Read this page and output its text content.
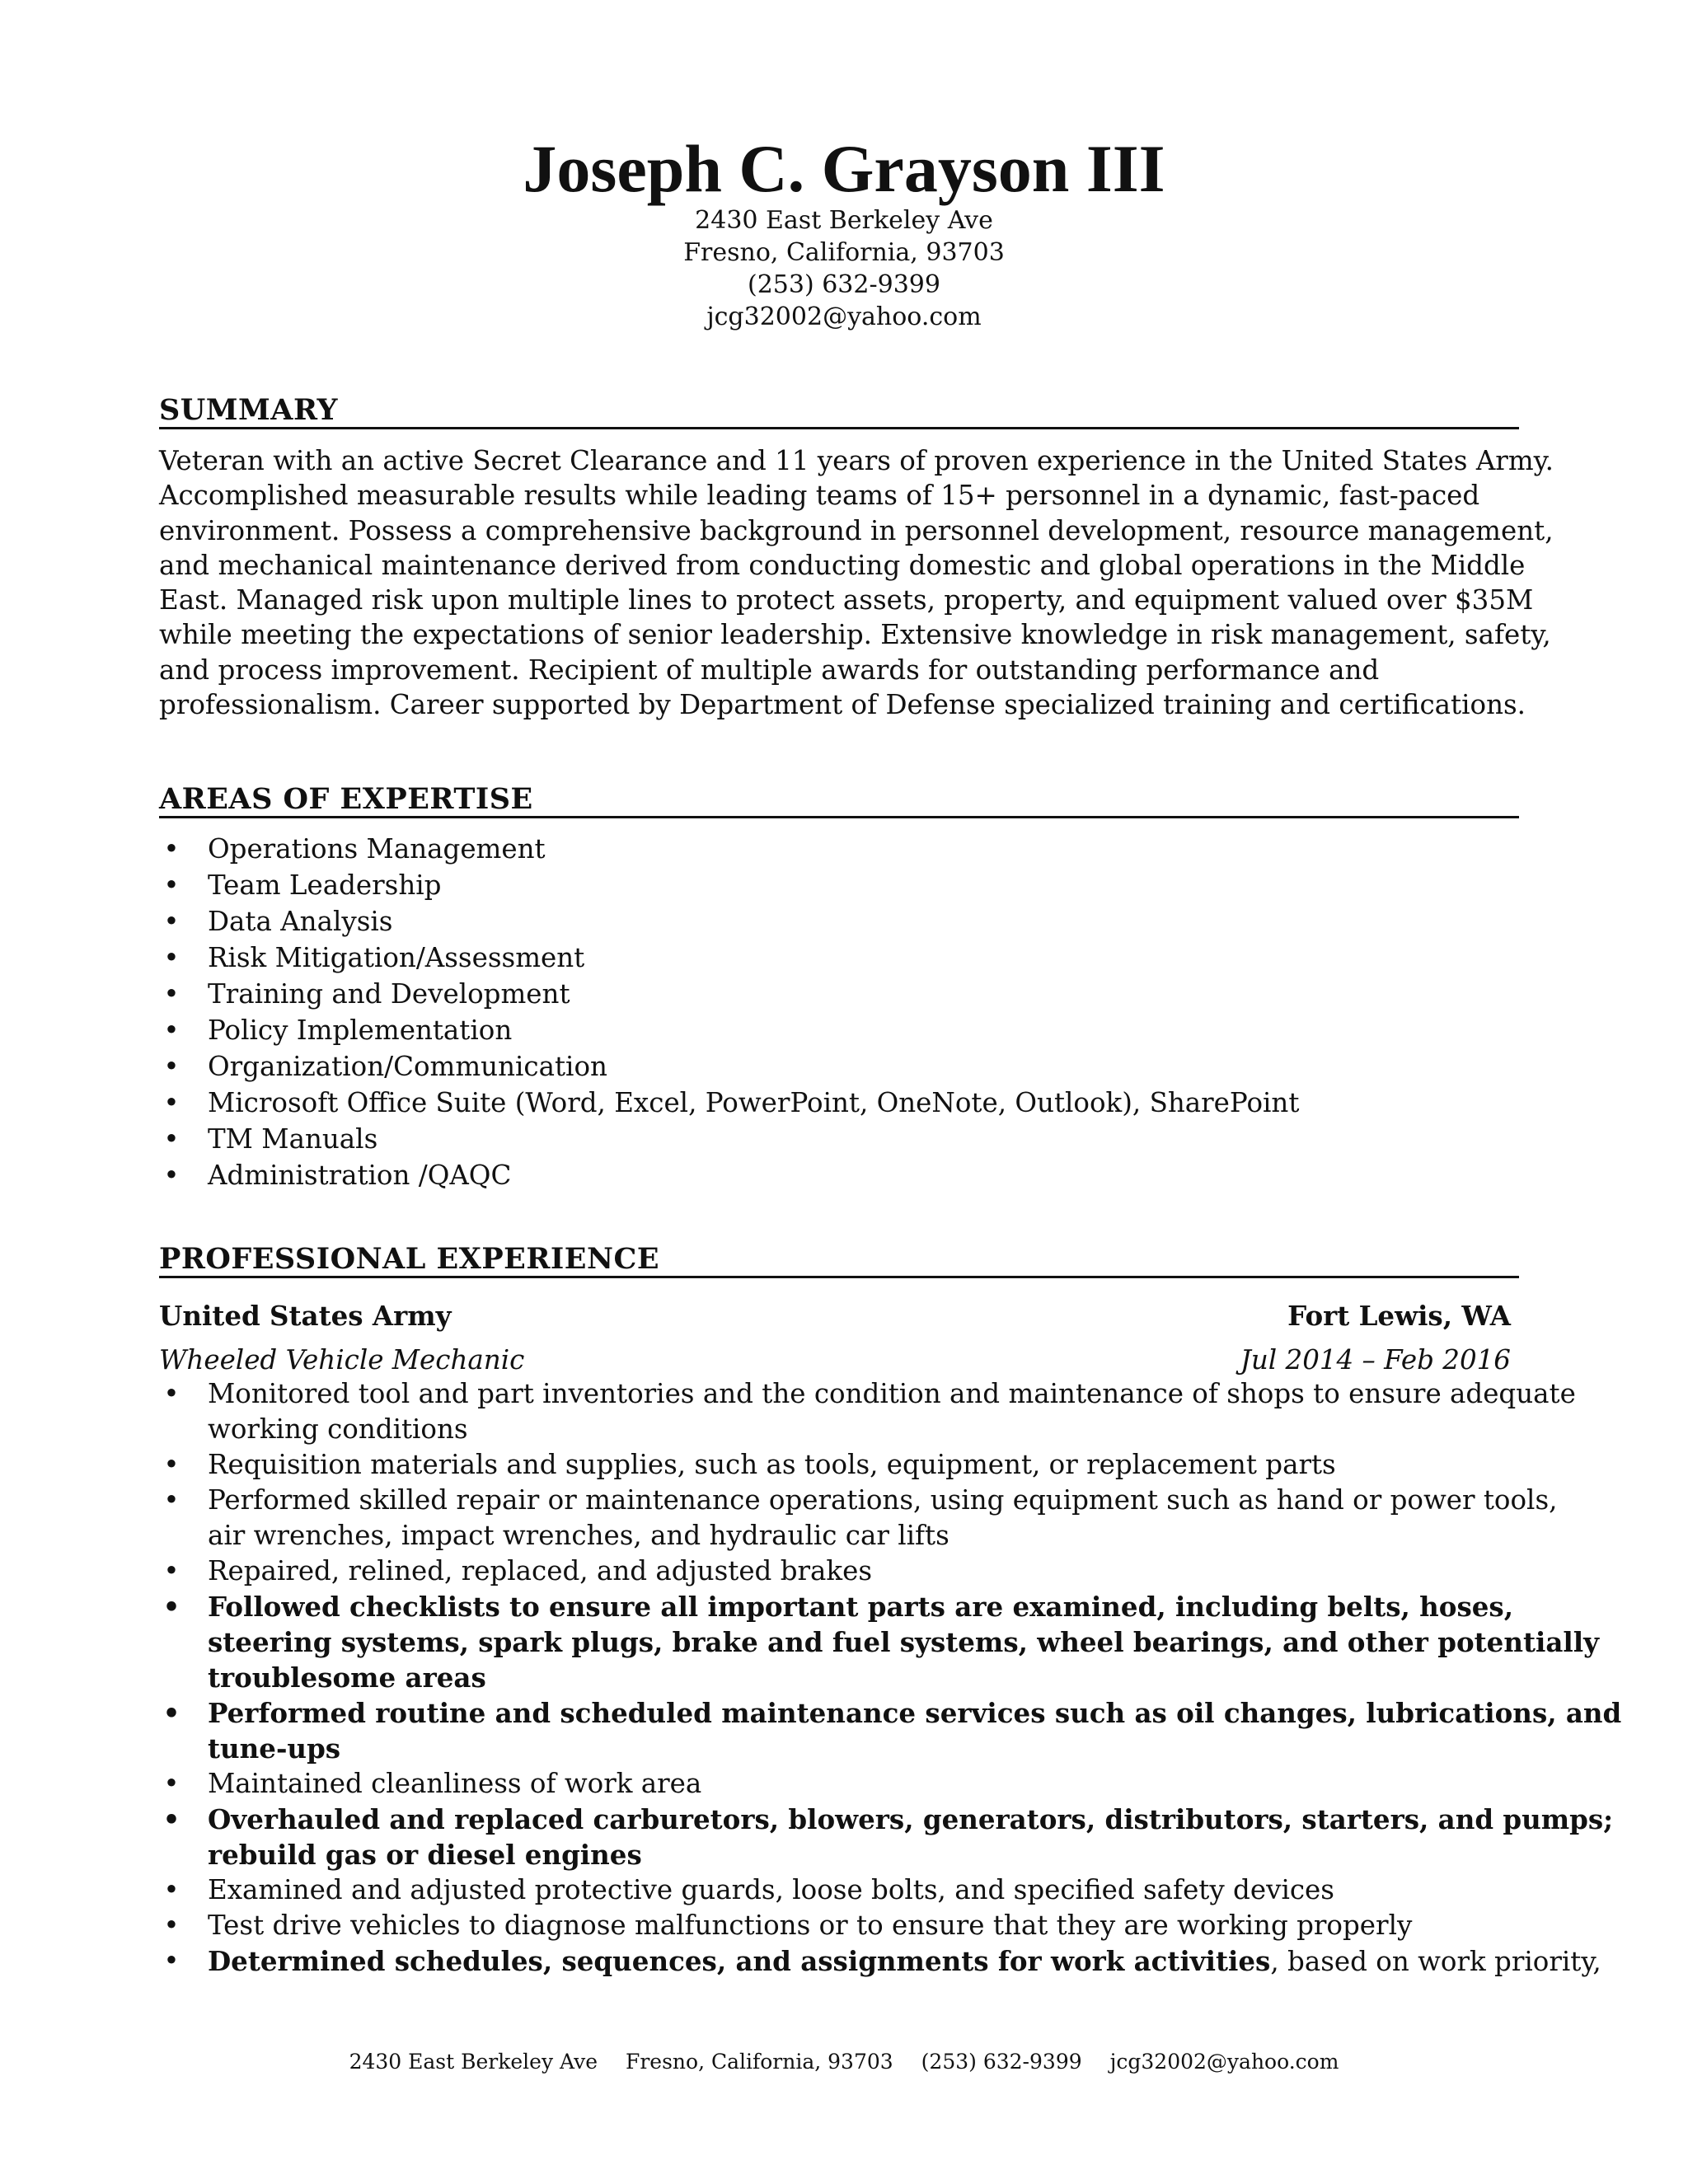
Joseph C. Grayson III
2430 East Berkeley Ave
Fresno, California, 93703
(253) 632-9399
jcg32002@yahoo.com
SUMMARY
Veteran with an active Secret Clearance and 11 years of proven experience in the United States Army.
Accomplished measurable results while leading teams of 15+ personnel in a dynamic, fast-paced
environment. Possess a comprehensive background in personnel development, resource management,
and mechanical maintenance derived from conducting domestic and global operations in the Middle
East. Managed risk upon multiple lines to protect assets, property, and equipment valued over $35M
while meeting the expectations of senior leadership. Extensive knowledge in risk management, safety,
and process improvement. Recipient of multiple awards for outstanding performance and
professionalism. Career supported by Department of Defense specialized training and certifications.
AREAS OF EXPERTISE
• Operations Management
• Team Leadership
• Data Analysis
• Risk Mitigation/Assessment
• Training and Development
• Policy Implementation
• Organization/Communication
• Microsoft Office Suite (Word, Excel, PowerPoint, OneNote, Outlook), SharePoint
• TM Manuals
• Administration /QAQC
PROFESSIONAL EXPERIENCE
United States Army	Fort Lewis, WA
Wheeled Vehicle Mechanic	Jul 2014 – Feb 2016
• Monitored tool and part inventories and the condition and maintenance of shops to ensure adequate
working conditions
• Requisition materials and supplies, such as tools, equipment, or replacement parts
• Performed skilled repair or maintenance operations, using equipment such as hand or power tools,
air wrenches, impact wrenches, and hydraulic car lifts
• Repaired, relined, replaced, and adjusted brakes
• Followed checklists to ensure all important parts are examined, including belts, hoses,
steering systems, spark plugs, brake and fuel systems, wheel bearings, and other potentially
troublesome areas
• Performed routine and scheduled maintenance services such as oil changes, lubrications, and
tune-ups
• Maintained cleanliness of work area
• Overhauled and replaced carburetors, blowers, generators, distributors, starters, and pumps;
rebuild gas or diesel engines
• Examined and adjusted protective guards, loose bolts, and specified safety devices
• Test drive vehicles to diagnose malfunctions or to ensure that they are working properly
• Determined schedules, sequences, and assignments for work activities, based on work priority,
2430 East Berkeley Ave Fresno, California, 93703 (253) 632-9399 jcg32002@yahoo.com
